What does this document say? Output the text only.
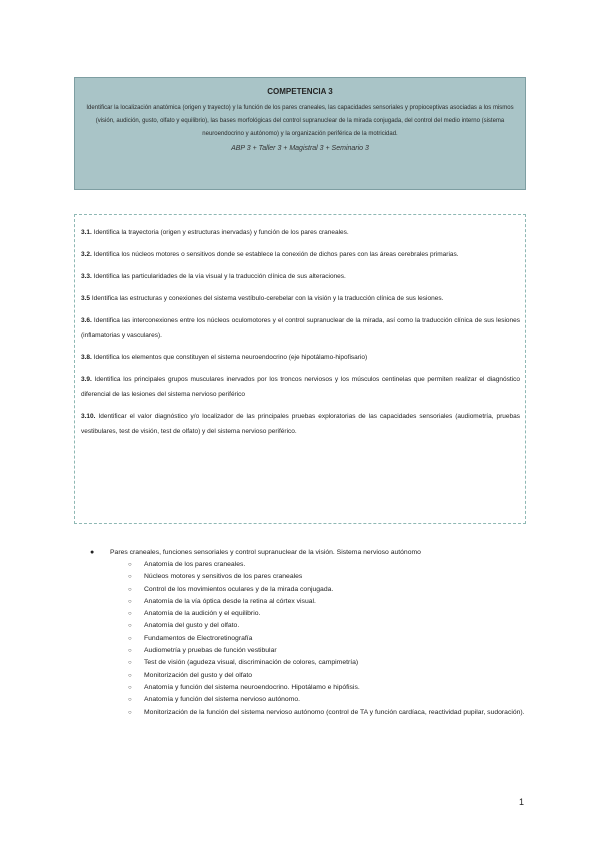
COMPETENCIA 3
Identificar la localización anatómica (origen y trayecto) y la función de los pares craneales, las capacidades sensoriales y propioceptivas asociadas a los mismos (visión, audición, gusto, olfato y equilibrio), las bases morfológicas del control supranuclear de la mirada conjugada, del control del medio interno (sistema neuroendocrino y autónomo) y la organización periférica de la motricidad.
ABP 3 + Taller 3 + Magistral 3 + Seminario 3
3.1. Identifica la trayectoria (origen y estructuras inervadas) y función de los pares craneales.
3.2. Identifica los núcleos motores o sensitivos donde se establece la conexión de dichos pares con las áreas cerebrales primarias.
3.3. Identifica las particularidades de la vía visual y la traducción clínica de sus alteraciones.
3.5 Identifica las estructuras y conexiones del sistema vestíbulo-cerebelar con la visión y la traducción clínica de sus lesiones.
3.6. Identifica las interconexiones entre los núcleos oculomotores y el control supranuclear de la mirada, así como la traducción clínica de sus lesiones (inflamatorias y vasculares).
3.8. Identifica los elementos que constituyen el sistema neuroendocrino (eje hipotálamo-hipofisario)
3.9. Identifica los principales grupos musculares inervados por los troncos nerviosos y los músculos centinelas que permiten realizar el diagnóstico diferencial de las lesiones del sistema nervioso periférico
3.10. Identificar el valor diagnóstico y/o localizador de las principales pruebas exploratorias de las capacidades sensoriales (audiometría, pruebas vestibulares, test de visión, test de olfato) y del sistema nervioso periférico.
●	Pares craneales, funciones sensoriales y control supranuclear de la visión. Sistema nervioso autónomo
○	Anatomía de los pares craneales.
○	Núcleos motores y sensitivos de los pares craneales
○	Control de los movimientos oculares y de la mirada conjugada.
○	Anatomía de la vía óptica desde la retina al córtex visual.
○	Anatomía de la audición y el equilibrio.
○	Anatomía del gusto y del olfato.
○	Fundamentos de Electroretinografía
○	Audiometría y pruebas de función vestibular
○	Test de visión (agudeza visual, discriminación de colores, campimetría)
○	Monitorización del gusto y del olfato
○	Anatomía y función del sistema neuroendocrino. Hipotálamo e hipófisis.
○	Anatomía y función del sistema nervioso autónomo.
○	Monitorización de la función del sistema nervioso autónomo (control de TA y función cardíaca, reactividad pupilar, sudoración).
1
